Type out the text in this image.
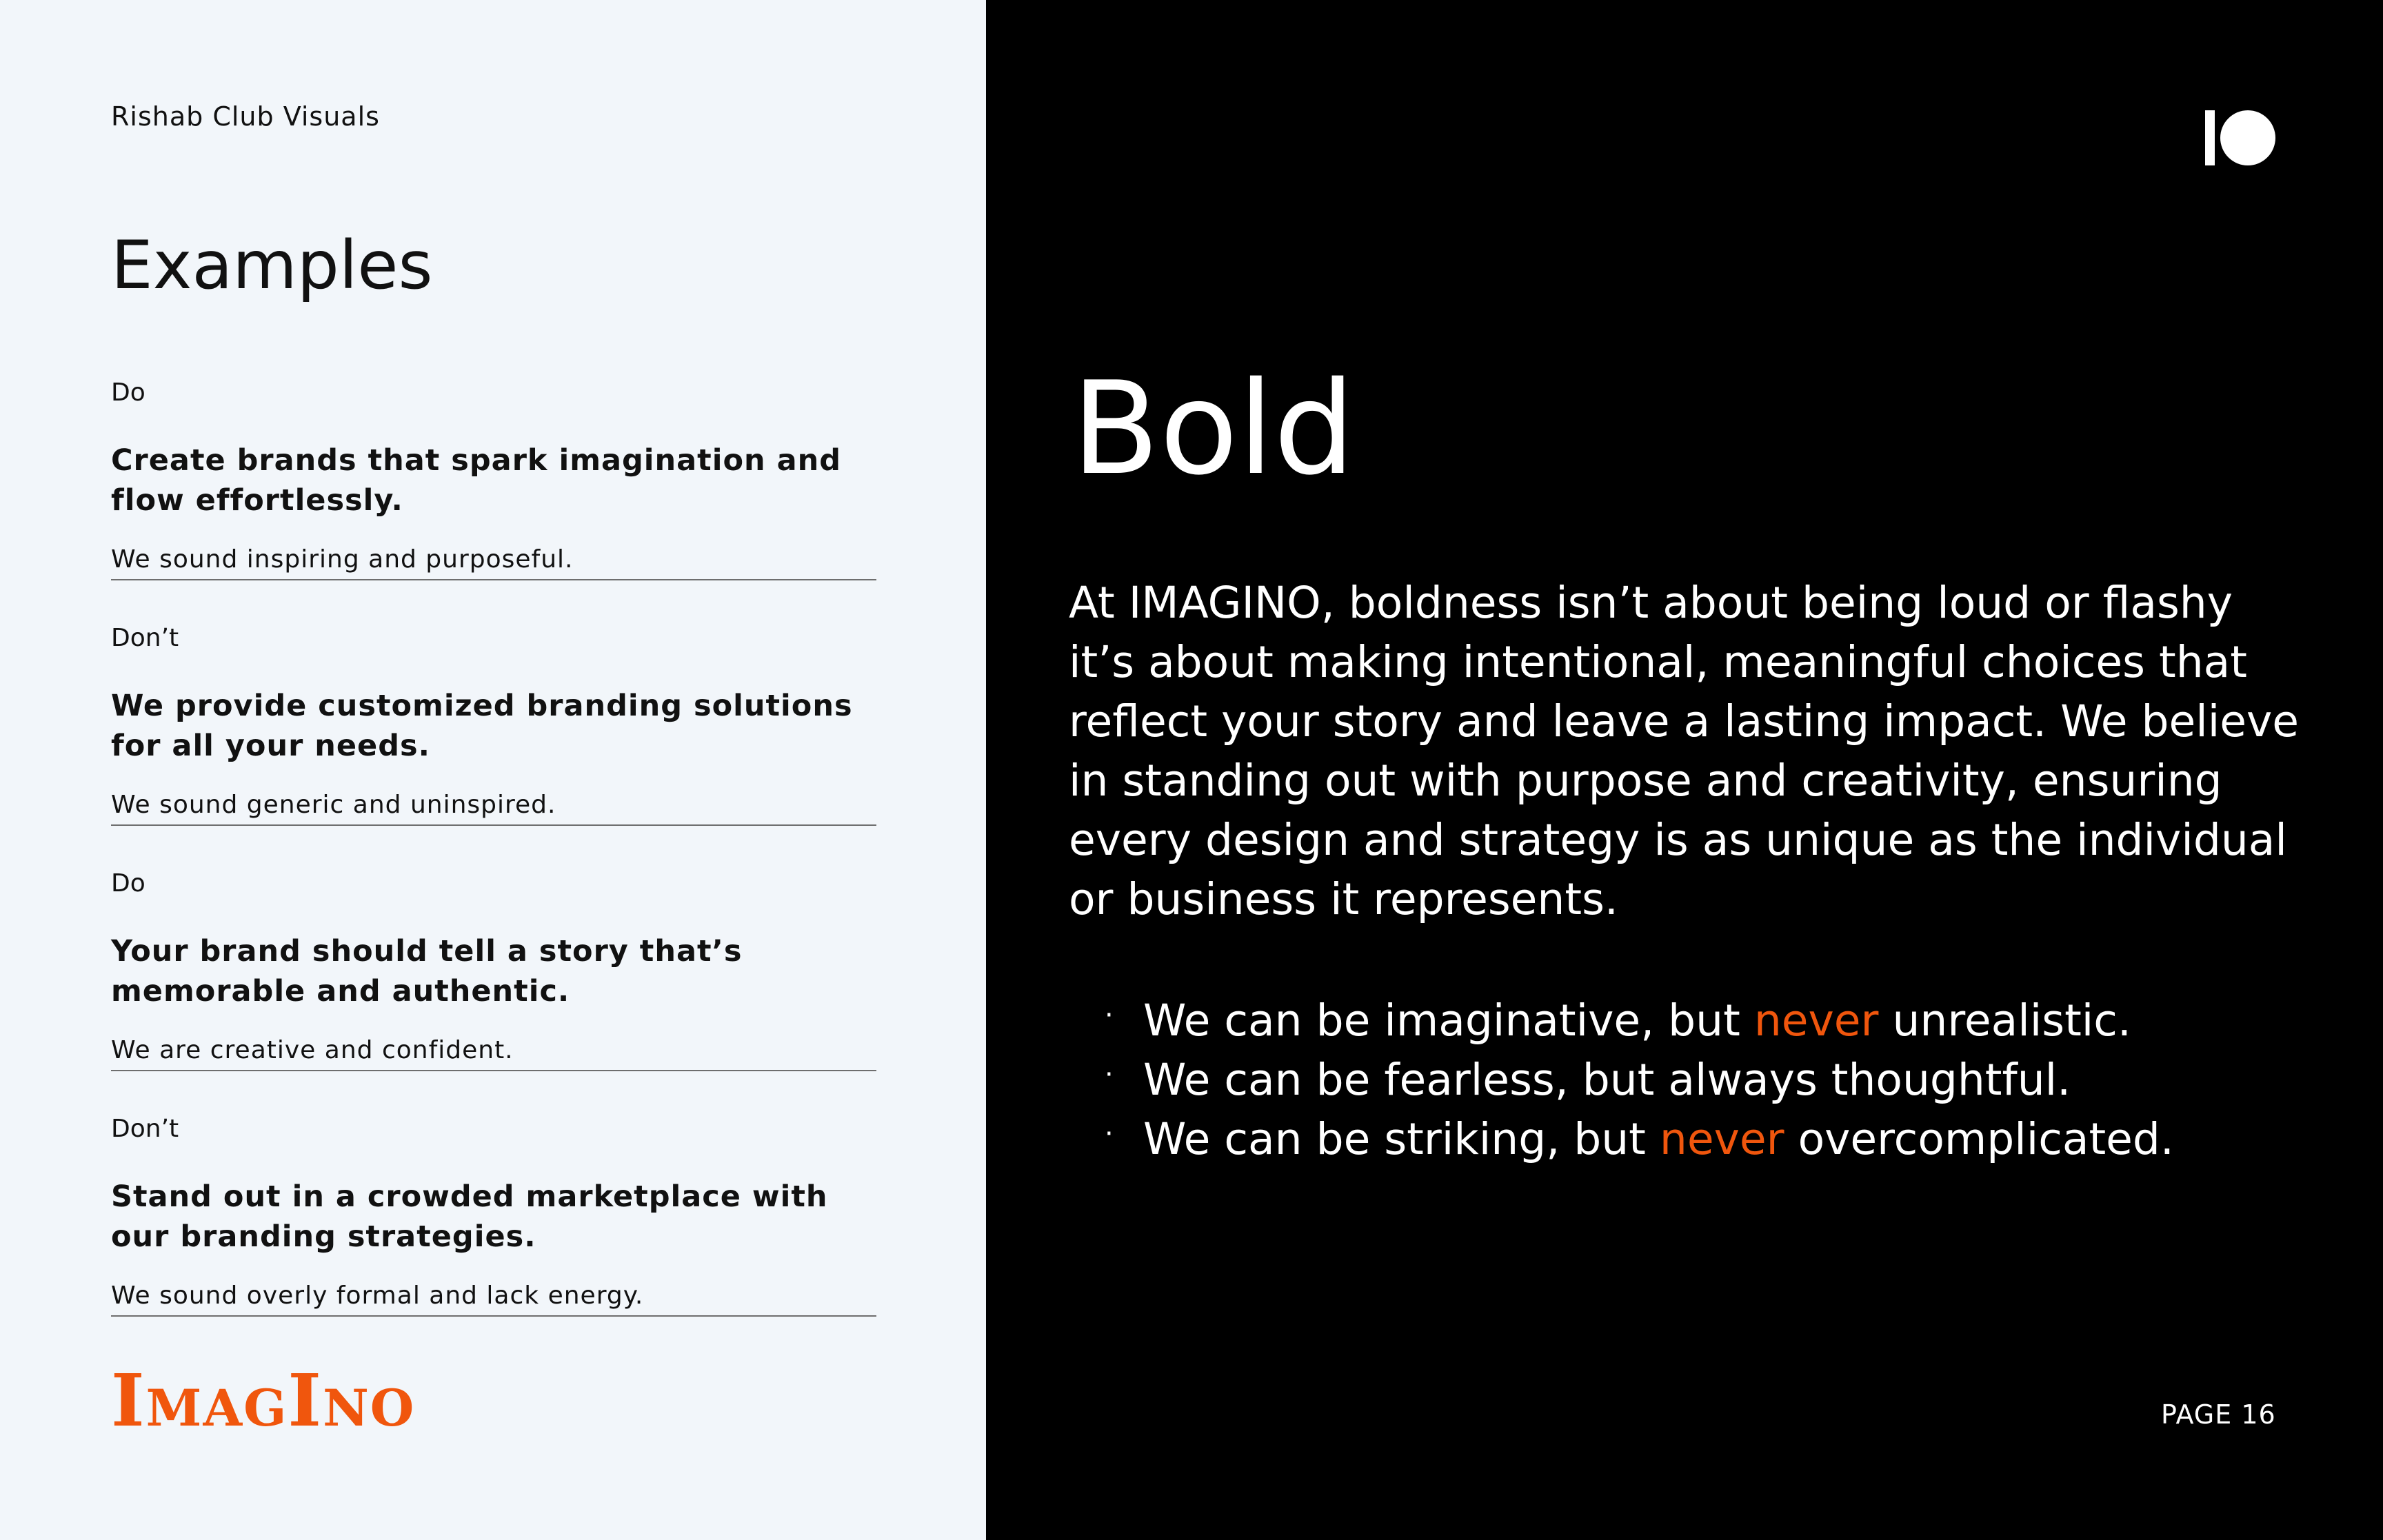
Rishab Club Visuals

Examples

Do

Create brands that spark imagination and flow effortlessly.
We sound inspiring and purposeful.

Don’t

We provide customized branding solutions for all your needs.
We sound generic and uninspired.

Do

Your brand should tell a story that’s memorable and authentic.
We are creative and confident.

Don’t

Stand out in a crowded marketplace with our branding strategies.
We sound overly formal and lack energy.

ImagIno

Bold

At IMAGINO, boldness isn’t about being loud or flashy it’s about making intentional, meaningful choices that reflect your story and leave a lasting impact. We believe in standing out with purpose and creativity, ensuring every design and strategy is as unique as the individual or business it represents.

· We can be imaginative, but never unrealistic.
· We can be fearless, but always thoughtful.
· We can be striking, but never overcomplicated.

PAGE 16
